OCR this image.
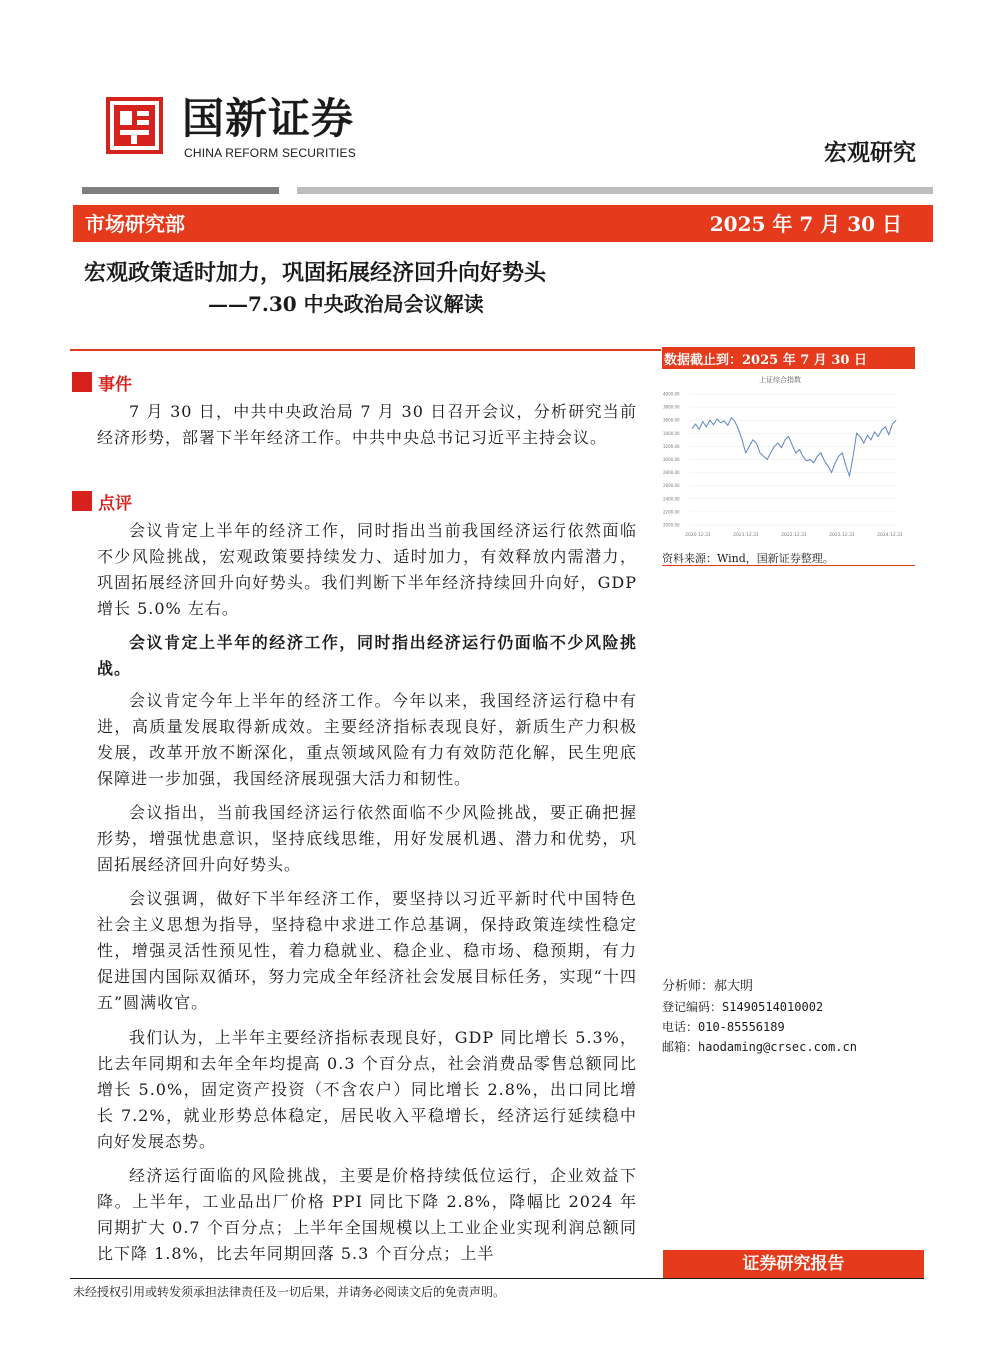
国新证券
CHINA REFORM SECURITIES	宏观研究
市场研究部	2025 年 7 月 30 日
宏观政策适时加力，巩固拓展经济回升向好势头
——7.30 中央政治局会议解读
事件

7 月 30 日，中共中央政治局 7 月 30 日召开会议，分析研究当前经济形势，部署下半年经济工作。中共中央总书记习近平主持会议。

点评

会议肯定上半年的经济工作，同时指出当前我国经济运行依然面临不少风险挑战，宏观政策要持续发力、适时加力，有效释放内需潜力，巩固拓展经济回升向好势头。我们判断下半年经济持续回升向好，GDP 增长 5.0% 左右。

会议肯定上半年的经济工作，同时指出经济运行仍面临不少风险挑战。

会议肯定今年上半年的经济工作。今年以来，我国经济运行稳中有进，高质量发展取得新成效。主要经济指标表现良好，新质生产力积极发展，改革开放不断深化，重点领域风险有力有效防范化解，民生兜底保障进一步加强，我国经济展现强大活力和韧性。

会议指出，当前我国经济运行依然面临不少风险挑战，要正确把握形势，增强忧患意识，坚持底线思维，用好发展机遇、潜力和优势，巩固拓展经济回升向好势头。

会议强调，做好下半年经济工作，要坚持以习近平新时代中国特色社会主义思想为指导，坚持稳中求进工作总基调，保持政策连续性稳定性，增强灵活性预见性，着力稳就业、稳企业、稳市场、稳预期，有力促进国内国际双循环，努力完成全年经济社会发展目标任务，实现“十四五”圆满收官。

我们认为，上半年主要经济指标表现良好，GDP 同比增长 5.3%，比去年同期和去年全年均提高 0.3 个百分点，社会消费品零售总额同比增长 5.0%，固定资产投资（不含农户）同比增长 2.8%，出口同比增长 7.2%，就业形势总体稳定，居民收入平稳增长，经济运行延续稳中向好发展态势。

经济运行面临的风险挑战，主要是价格持续低位运行，企业效益下降。上半年，工业品出厂价格 PPI 同比下降 2.8%，降幅比 2024 年同期扩大 0.7 个百分点；上半年全国规模以上工业企业实现利润总额同比下降 1.8%，比去年同期回落 5.3 个百分点；上半

数据截止到：2025 年 7 月 30 日
上证综合指数
4000.00
3800.00
3600.00
3400.00
3200.00
3000.00
2800.00
2600.00
2400.00
2200.00
2000.00
2020.12.31	2021.12.31	2022.12.31	2023.12.31	2024.12.31
资料来源：Wind，国新证券整理。
分析师：郝大明
登记编码：S1490514010002
电话：010-85556189
邮箱：haodaming@crsec.com.cn
证券研究报告
未经授权引用或转发须承担法律责任及一切后果，并请务必阅读文后的免责声明。
